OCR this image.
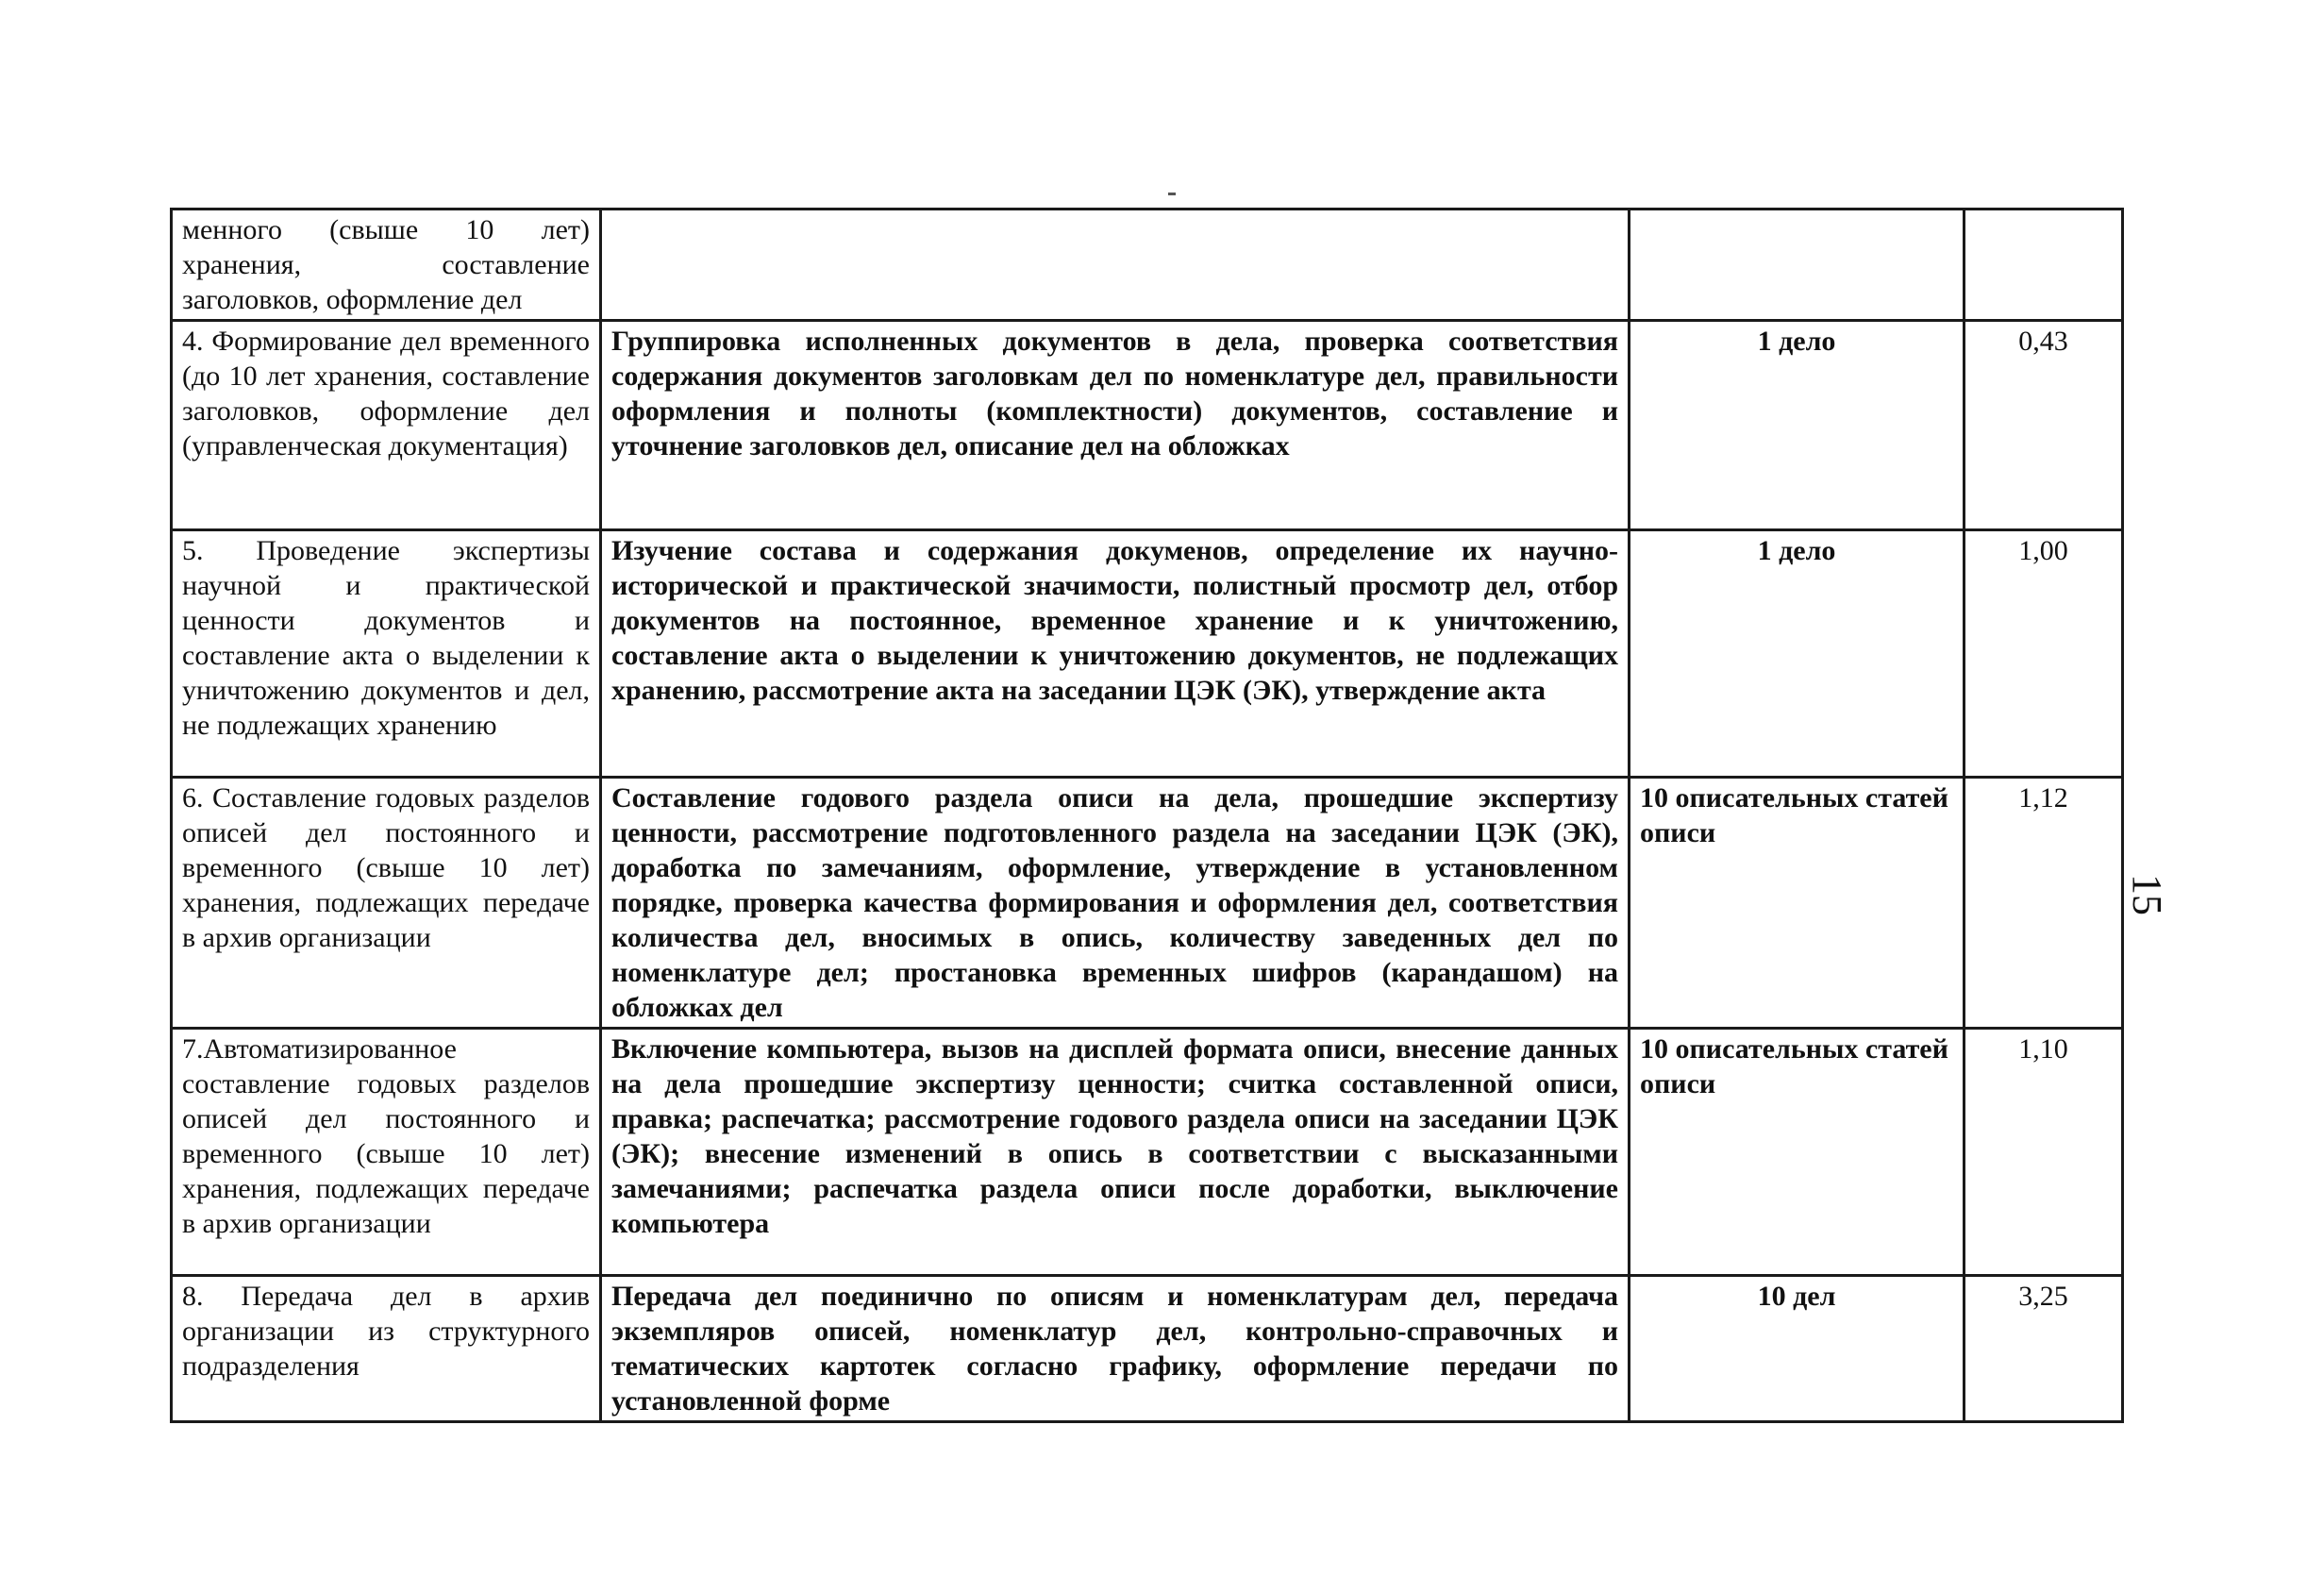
менного (свыше 10 лет) хранения, составление заголовков, оформление дел			
4. Формирование дел временного (до 10 лет хранения, составление заголовков, оформление дел (управленческая документация)	Группировка исполненных документов в дела, проверка соответствия содержания документов заголовкам дел по номенклатуре дел, правильности оформления и полноты (комплектности) документов, составление и уточнение заголовков дел, описание дел на обложках	1 дело	0,43
5. Проведение экспертизы научной и практической ценности документов и составление акта о выделении к уничтожению документов и дел, не подлежащих хранению	Изучение состава и содержания докуменов, определение их научно-исторической и практической значимости, полистный просмотр дел, отбор документов на постоянное, временное хранение и к уничтожению, составление акта о выделении к уничтожению документов, не подлежащих хранению, рассмотрение акта на заседании ЦЭК (ЭК), утверждение акта	1 дело	1,00
6. Составление годовых разделов описей дел постоянного и временного (свыше 10 лет) хранения, подлежащих передаче в архив организации	Составление годового раздела описи на дела, прошедшие экспертизу ценности, рассмотрение подготовленного раздела на заседании ЦЭК (ЭК), доработка по замечаниям, оформление, утверждение в установленном порядке, проверка качества формирования и оформления дел, соответствия количества дел, вносимых в опись, количеству заведенных дел по номенклатуре дел; простановка временных шифров (карандашом) на обложках дел	10 описательных статей описи	1,12
7.Автоматизированное составление годовых разделов описей дел постоянного и временного (свыше 10 лет) хранения, подлежащих передаче в архив организации	Включение компьютера, вызов на дисплей формата описи, внесение данных на дела прошедшие экспертизу ценности; считка составленной описи, правка; распечатка; рассмотрение годового раздела описи на заседании ЦЭК (ЭК); внесение изменений в опись в соответствии с высказанными замечаниями; распечатка раздела описи после доработки, выключение компьютера	10 описательных статей описи	1,10
8. Передача дел в архив организации из структурного подразделения	Передача дел поединично по описям и номенклатурам дел, передача экземпляров описей, номенклатур дел, контрольно-справочных и тематических картотек согласно графику, оформление передачи по установленной форме	10 дел	3,25
15
